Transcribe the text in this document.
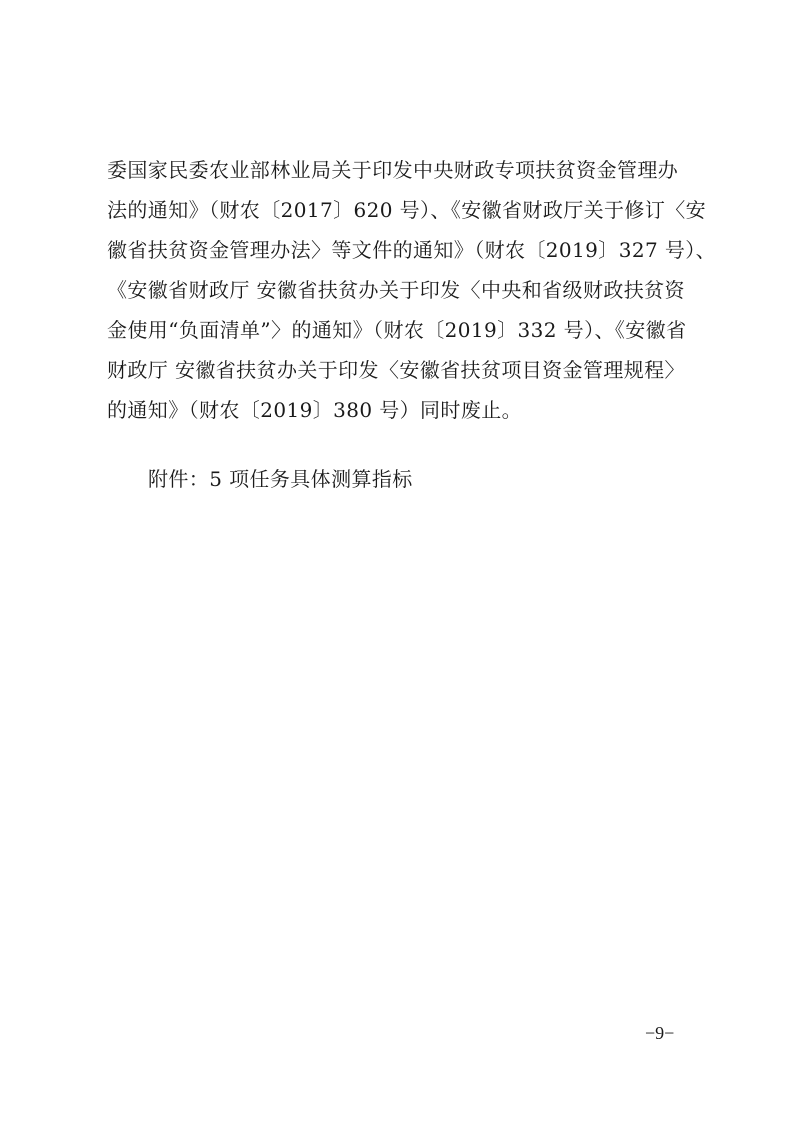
委国家民委农业部林业局关于印发中央财政专项扶贫资金管理办
法的通知》（财农〔2017〕620 号）、《安徽省财政厅关于修订〈安
徽省扶贫资金管理办法〉等文件的通知》（财农〔2019〕327 号）、
《安徽省财政厅 安徽省扶贫办关于印发〈中央和省级财政扶贫资
金使用“负面清单”〉的通知》（财农〔2019〕332 号）、《安徽省
财政厅 安徽省扶贫办关于印发〈安徽省扶贫项目资金管理规程〉
的通知》（财农〔2019〕380 号）同时废止。
附件：5 项任务具体测算指标
−9−
